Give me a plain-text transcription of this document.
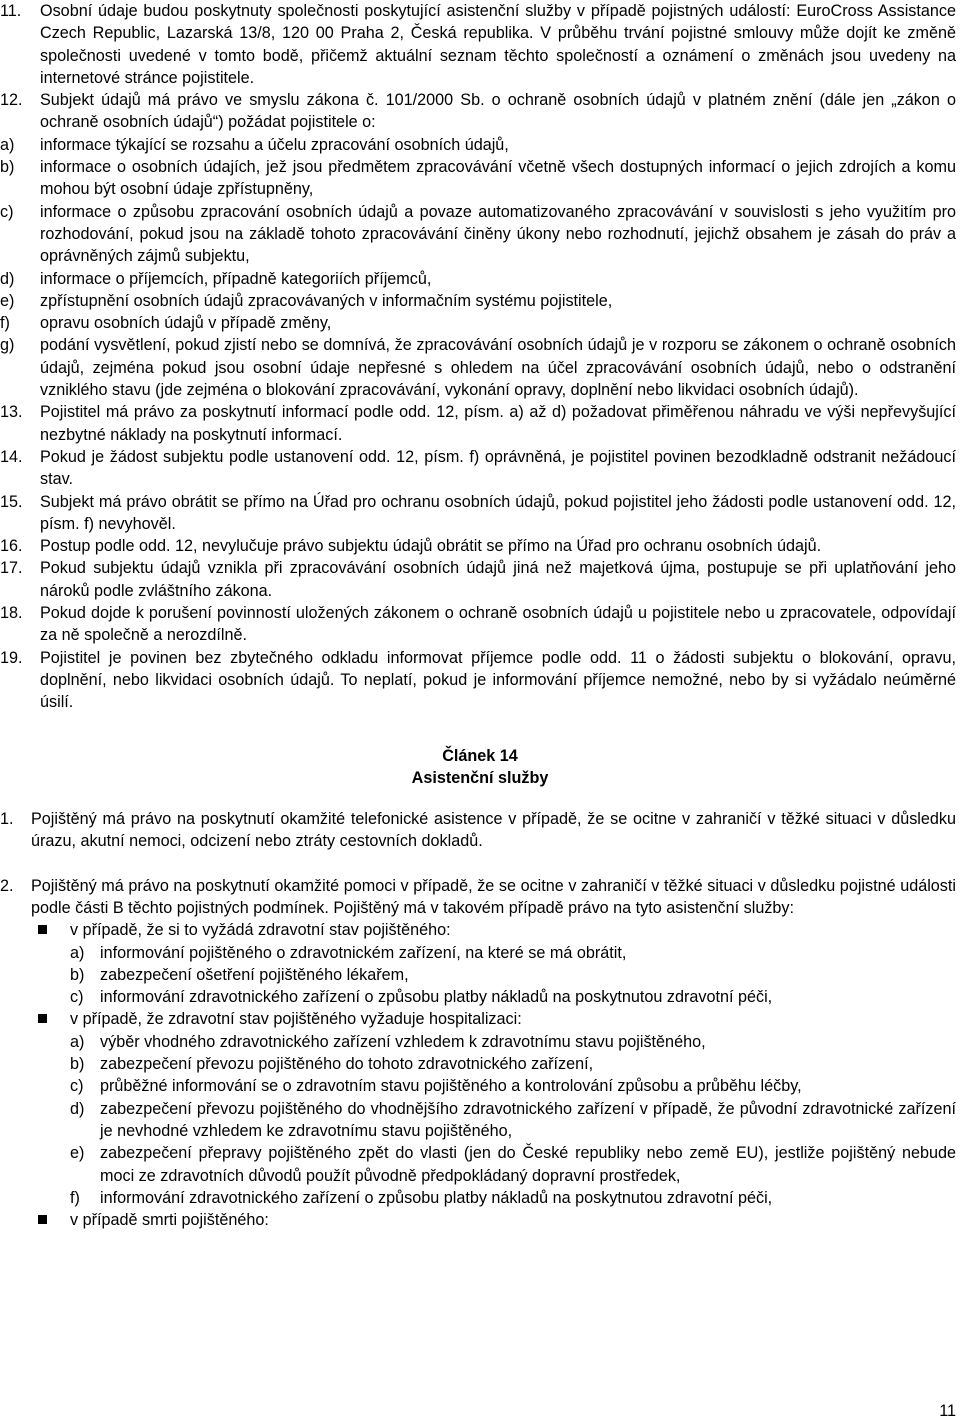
11. Osobní údaje budou poskytnuty společnosti poskytující asistenční služby v případě pojistných událostí: EuroCross Assistance Czech Republic, Lazarská 13/8, 120 00 Praha 2, Česká republika. V průběhu trvání pojistné smlouvy může dojít ke změně společnosti uvedené v tomto bodě, přičemž aktuální seznam těchto společností a oznámení o změnách jsou uvedeny na internetové stránce pojistitele.
12. Subjekt údajů má právo ve smyslu zákona č. 101/2000 Sb. o ochraně osobních údajů v platném znění (dále jen „zákon o ochraně osobních údajů“) požádat pojistitele o:
a) informace týkající se rozsahu a účelu zpracování osobních údajů,
b) informace o osobních údajích, jež jsou předmětem zpracovávání včetně všech dostupných informací o jejich zdrojích a komu mohou být osobní údaje zpřístupněny,
c) informace o způsobu zpracování osobních údajů a povaze automatizovaného zpracovávání v souvislosti s jeho využitím pro rozhodování, pokud jsou na základě tohoto zpracovávání činěny úkony nebo rozhodnutí, jejichž obsahem je zásah do práv a oprávněných zájmů subjektu,
d) informace o příjemcích, případně kategoriích příjemců,
e) zpřístupnění osobních údajů zpracovávaných v informačním systému pojistitele,
f) opravu osobních údajů v případě změny,
g) podání vysvětlení, pokud zjistí nebo se domnívá, že zpracovávání osobních údajů je v rozporu se zákonem o ochraně osobních údajů, zejména pokud jsou osobní údaje nepřesné s ohledem na účel zpracovávání osobních údajů, nebo o odstranění vzniklého stavu (jde zejména o blokování zpracovávání, vykonání opravy, doplnění nebo likvidaci osobních údajů).
13. Pojistitel má právo za poskytnutí informací podle odd. 12, písm. a) až d) požadovat přiměřenou náhradu ve výši nepřevyšující nezbytné náklady na poskytnutí informací.
14. Pokud je žádost subjektu podle ustanovení odd. 12, písm. f) oprávněná, je pojistitel povinen bezodkladně odstranit nežádoucí stav.
15. Subjekt má právo obrátit se přímo na Úřad pro ochranu osobních údajů, pokud pojistitel jeho žádosti podle ustanovení odd. 12, písm. f) nevyhověl.
16. Postup podle odd. 12, nevylučuje právo subjektu údajů obrátit se přímo na Úřad pro ochranu osobních údajů.
17. Pokud subjektu údajů vznikla při zpracovávání osobních údajů jiná než majetková újma, postupuje se při uplatňování jeho nároků podle zvláštního zákona.
18. Pokud dojde k porušení povinností uložených zákonem o ochraně osobních údajů u pojistitele nebo u zpracovatele, odpovídají za ně společně a nerozdílně.
19. Pojistitel je povinen bez zbytečného odkladu informovat příjemce podle odd. 11 o žádosti subjektu o blokování, opravu, doplnění, nebo likvidaci osobních údajů. To neplatí, pokud je informování příjemce nemožné, nebo by si vyžádalo neúměrné úsilí.
Článek 14
Asistenční služby
1. Pojištěný má právo na poskytnutí okamžité telefonické asistence v případě, že se ocitne v zahraničí v těžké situaci v důsledku úrazu, akutní nemoci, odcizení nebo ztráty cestovních dokladů.
2. Pojištěný má právo na poskytnutí okamžité pomoci v případě, že se ocitne v zahraničí v těžké situaci v důsledku pojistné události podle části B těchto pojistných podmínek. Pojištěný má v takovém případě právo na tyto asistenční služby:
v případě, že si to vyžádá zdravotní stav pojištěného:
a) informování pojištěného o zdravotnickém zařízení, na které se má obrátit,
b) zabezpečení ošetření pojištěného lékařem,
c) informování zdravotnického zařízení o způsobu platby nákladů na poskytnutou zdravotní péči,
v případě, že zdravotní stav pojištěného vyžaduje hospitalizaci:
a) výběr vhodného zdravotnického zařízení vzhledem k zdravotnímu stavu pojištěného,
b) zabezpečení převozu pojištěného do tohoto zdravotnického zařízení,
c) průběžné informování se o zdravotním stavu pojištěného a kontrolování způsobu a průběhu léčby,
d) zabezpečení převozu pojištěného do vhodnějšího zdravotnického zařízení v případě, že původní zdravotnické zařízení je nevhodné vzhledem ke zdravotnímu stavu pojištěného,
e) zabezpečení přepravy pojištěného zpět do vlasti (jen do České republiky nebo země EU), jestliže pojištěný nebude moci ze zdravotních důvodů použít původně předpokládaný dopravní prostředek,
f) informování zdravotnického zařízení o způsobu platby nákladů na poskytnutou zdravotní péči,
v případě smrti pojištěného:
11
